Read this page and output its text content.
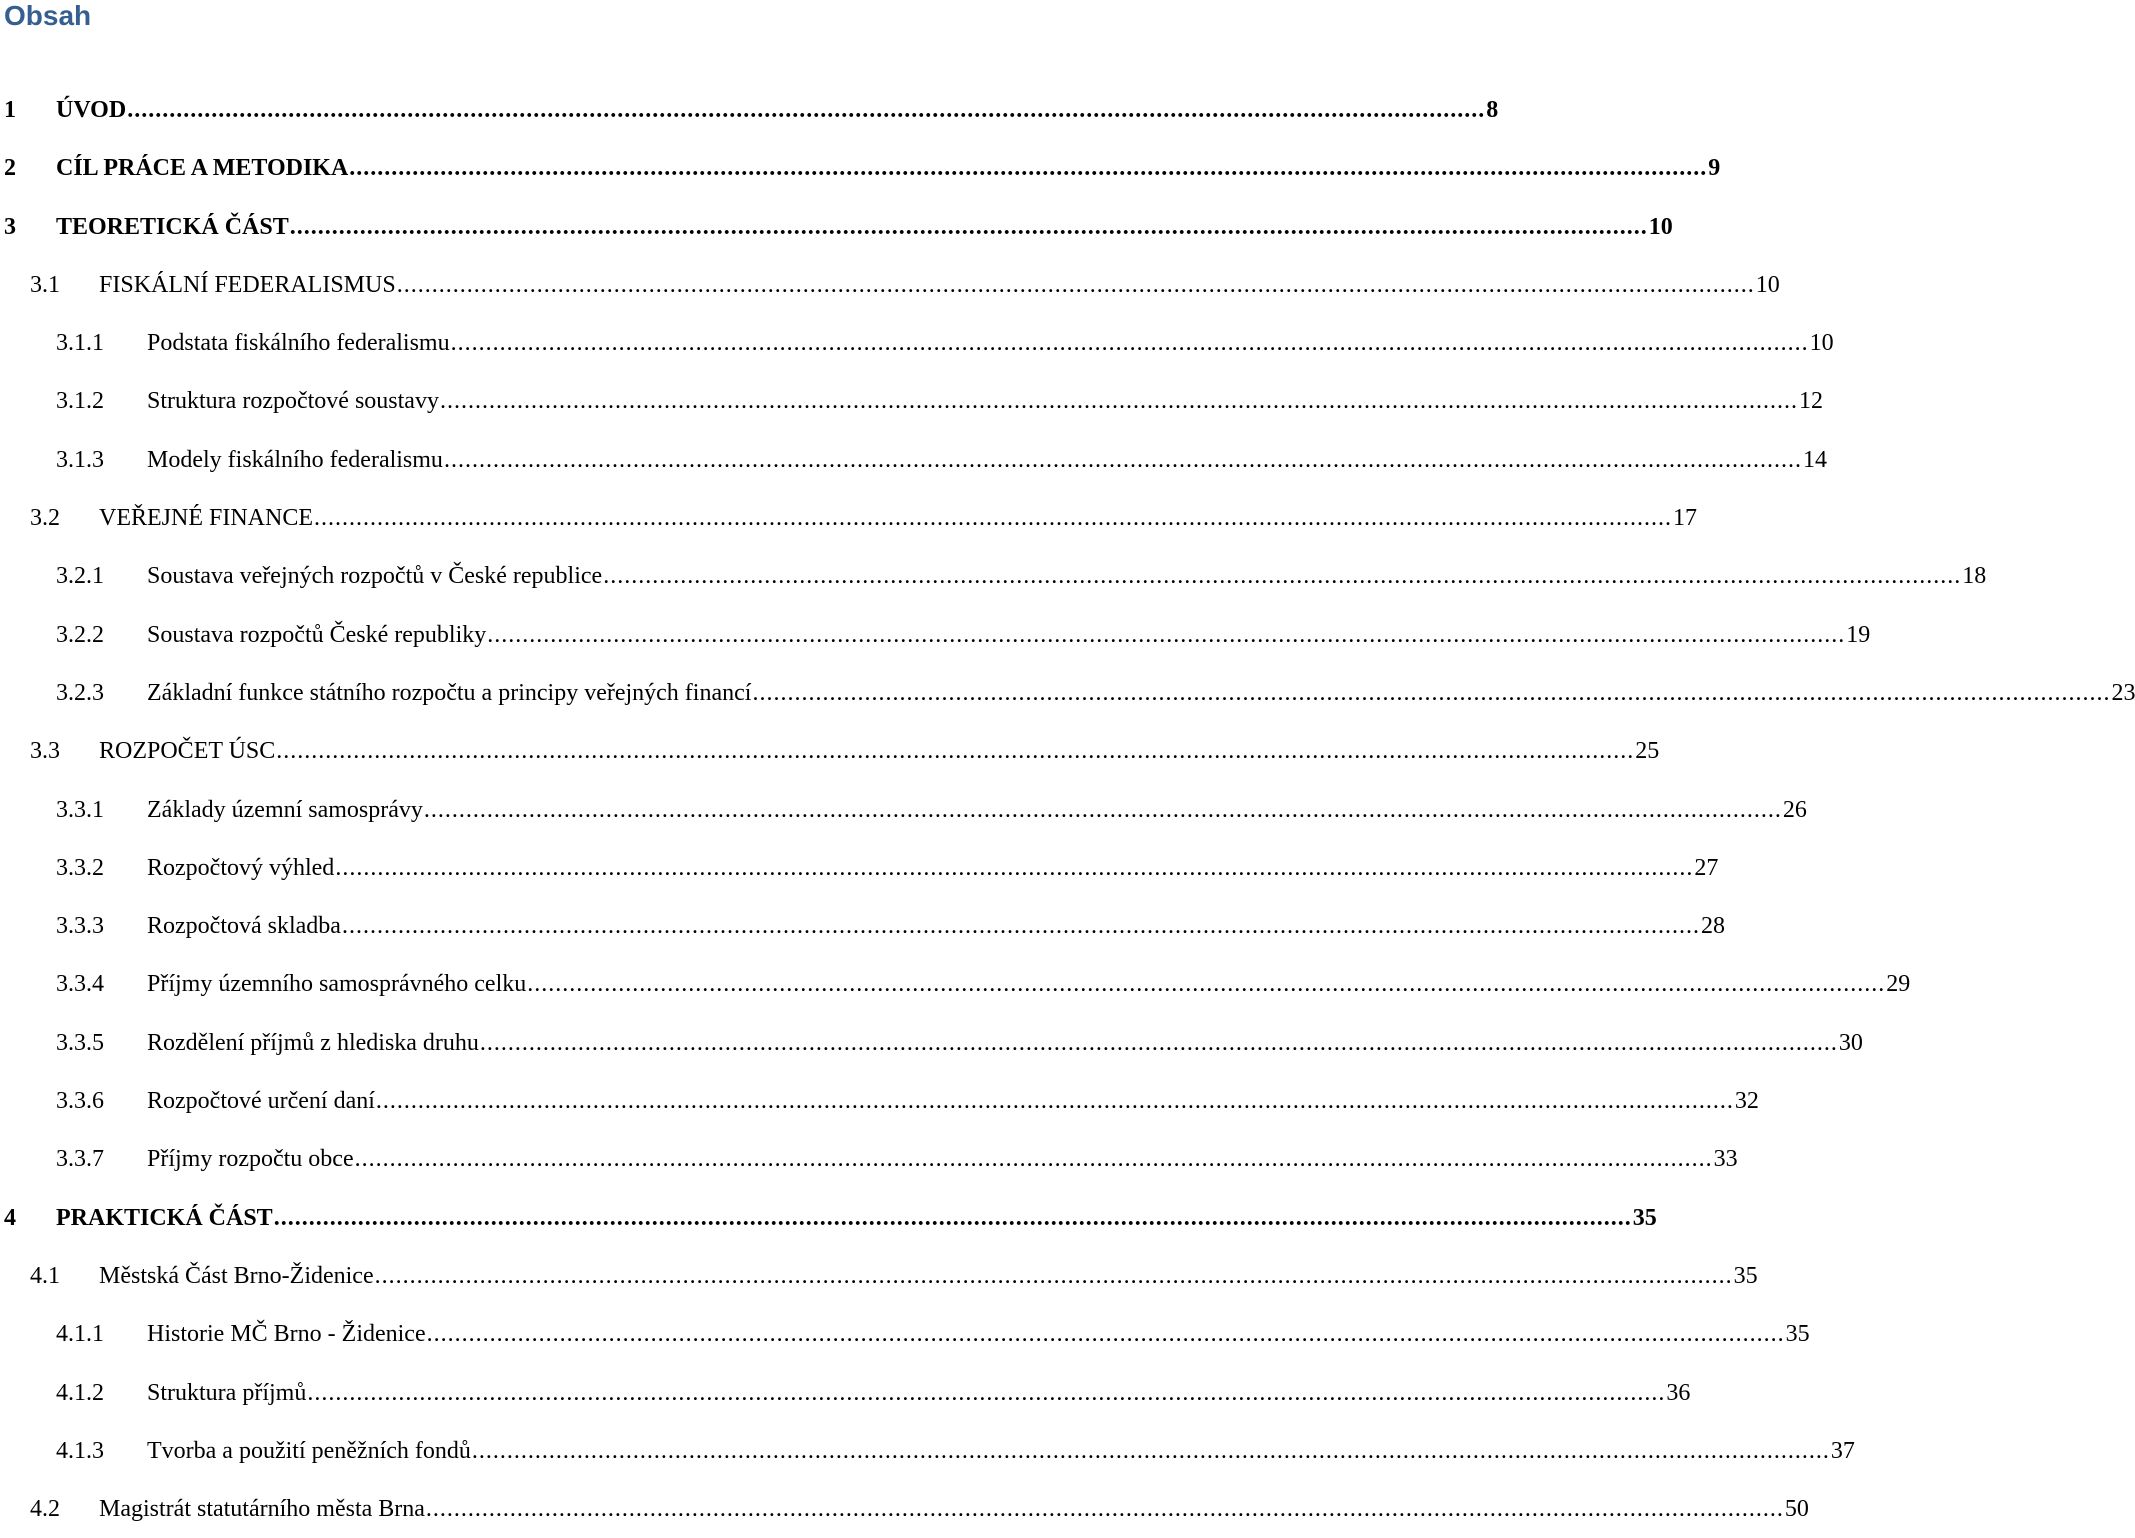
Obsah
1 ÚVOD .................................................................................................................................................................................................. 8
2 CÍL PRÁCE A METODIKA .................................................................................................................................................................................................. 9
3 TEORETICKÁ ČÁST .................................................................................................................................................................................................. 10
3.1 FISKÁLNÍ FEDERALISMUS .................................................................................................................................................................................................. 10
3.1.1 Podstata fiskálního federalismu .................................................................................................................................................................................................. 10
3.1.2 Struktura rozpočtové soustavy .................................................................................................................................................................................................. 12
3.1.3 Modely fiskálního federalismu .................................................................................................................................................................................................. 14
3.2 VEŘEJNÉ FINANCE .................................................................................................................................................................................................. 17
3.2.1 Soustava veřejných rozpočtů v České republice .................................................................................................................................................................................................. 18
3.2.2 Soustava rozpočtů České republiky .................................................................................................................................................................................................. 19
3.2.3 Základní funkce státního rozpočtu a principy veřejných financí .................................................................................................................................................................................................. 23
3.3 ROZPOČET ÚSC .................................................................................................................................................................................................. 25
3.3.1 Základy územní samosprávy .................................................................................................................................................................................................. 26
3.3.2 Rozpočtový výhled .................................................................................................................................................................................................. 27
3.3.3 Rozpočtová skladba .................................................................................................................................................................................................. 28
3.3.4 Příjmy územního samosprávného celku .................................................................................................................................................................................................. 29
3.3.5 Rozdělení příjmů z hlediska druhu .................................................................................................................................................................................................. 30
3.3.6 Rozpočtové určení daní .................................................................................................................................................................................................. 32
3.3.7 Příjmy rozpočtu obce .................................................................................................................................................................................................. 33
4 PRAKTICKÁ ČÁST .................................................................................................................................................................................................. 35
4.1 Městská Část Brno-Židenice .................................................................................................................................................................................................. 35
4.1.1 Historie MČ Brno - Židenice .................................................................................................................................................................................................. 35
4.1.2 Struktura příjmů .................................................................................................................................................................................................. 36
4.1.3 Tvorba a použití peněžních fondů .................................................................................................................................................................................................. 37
4.2 Magistrát statutárního města Brna .................................................................................................................................................................................................. 50
